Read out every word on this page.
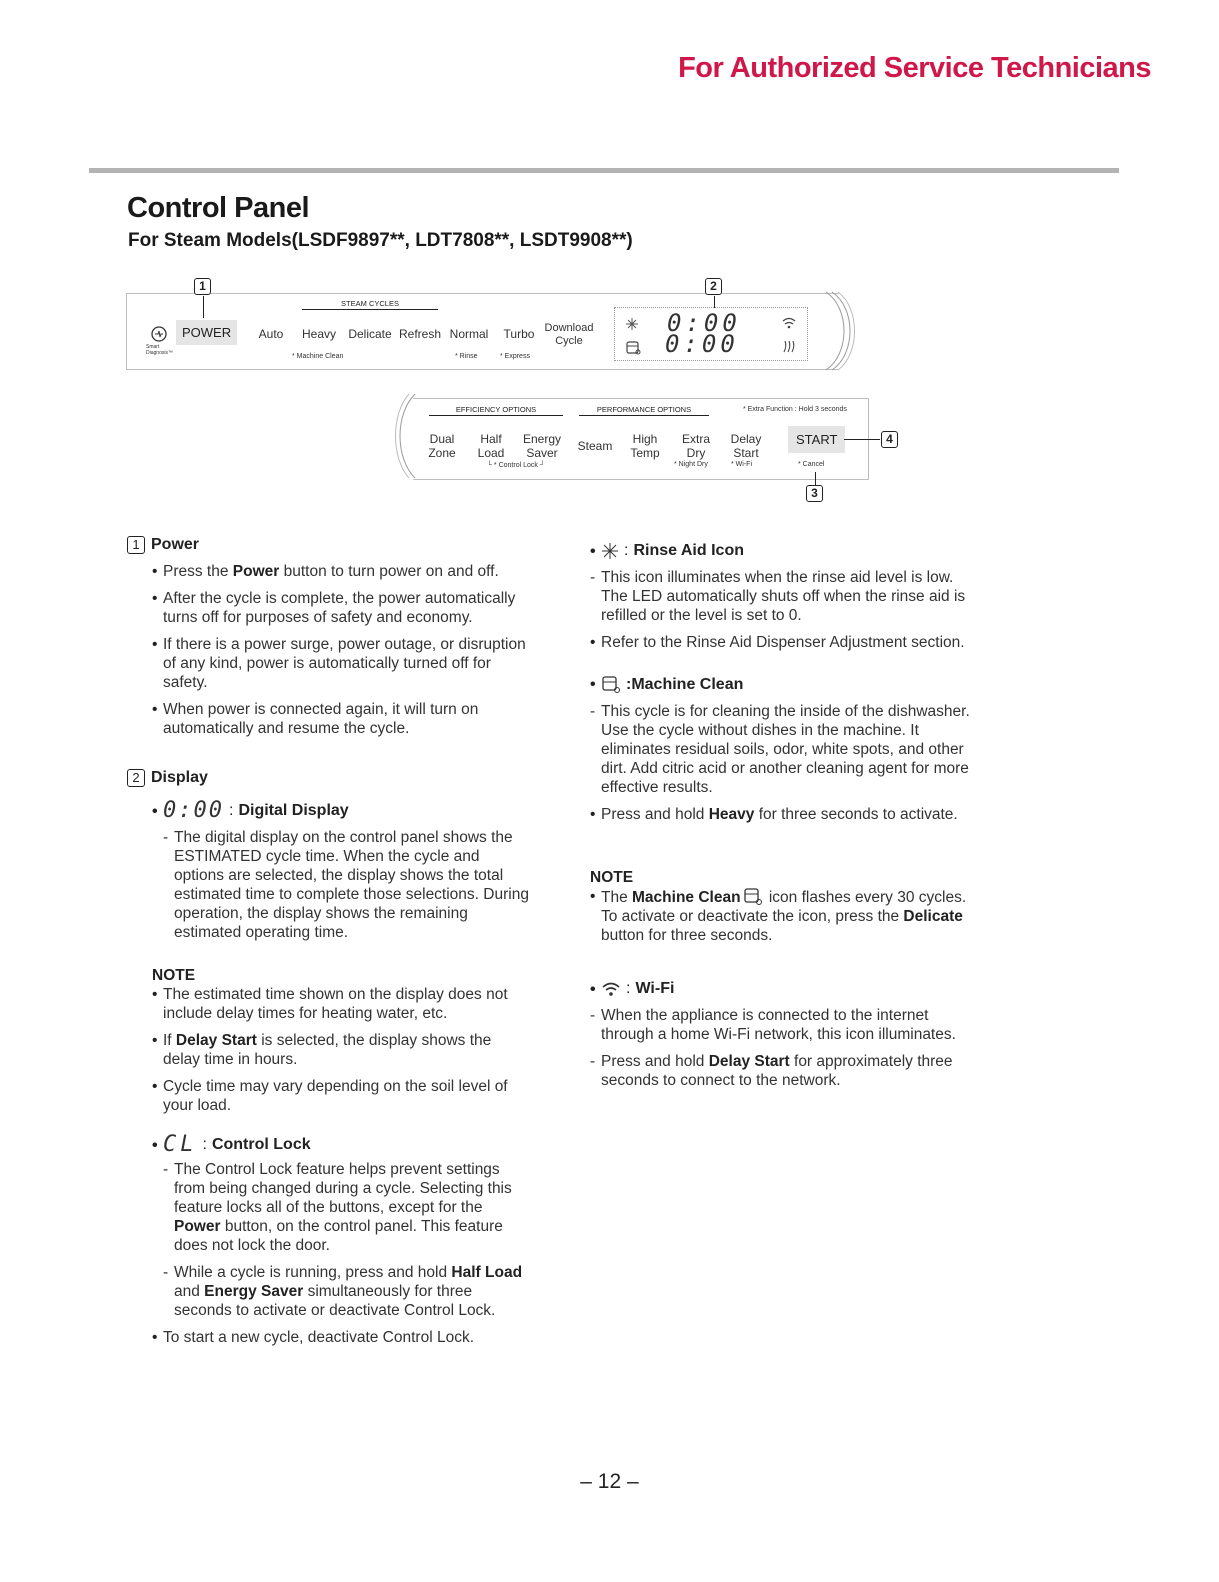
For Authorized Service Technicians
Control Panel
For Steam Models(LSDF9897**, LDT7808**, LSDT9908**)
1	2
Smart Diagnosis™
POWER
STEAM CYCLES
Auto	Heavy	Delicate Refresh Normal	Turbo Download
Cycle
* Machine Clean	* Rinse	* Express
0:00
0:00
EFFICIENCY OPTIONS	PERFORMANCE OPTIONS	* Extra Function : Hold 3 seconds
Dual
Zone
Half
Load
Energy
Saver
└ * Control Lock ┘
Steam	High
Temp
Extra
Dry
* Night Dry
Delay
Start
* Wi-Fi
START
* Cancel
4
3
1 Power
• Press the Power button to turn power on and off.
• After the cycle is complete, the power automatically turns off for purposes of safety and economy.
• If there is a power surge, power outage, or disruption of any kind, power is automatically turned off for safety.
• When power is connected again, it will turn on automatically and resume the cycle.
2 Display
• 0:00 : Digital Display
- The digital display on the control panel shows the ESTIMATED cycle time. When the cycle and options are selected, the display shows the total estimated time to complete those selections. During operation, the display shows the remaining estimated operating time.
NOTE
• The estimated time shown on the display does not include delay times for heating water, etc.
• If Delay Start is selected, the display shows the delay time in hours.
• Cycle time may vary depending on the soil level of your load.
• CL : Control Lock
- The Control Lock feature helps prevent settings from being changed during a cycle. Selecting this feature locks all of the buttons, except for the Power button, on the control panel. This feature does not lock the door.
- While a cycle is running, press and hold Half Load and Energy Saver simultaneously for three seconds to activate or deactivate Control Lock.
• To start a new cycle, deactivate Control Lock.
• : Rinse Aid Icon
- This icon illuminates when the rinse aid level is low. The LED automatically shuts off when the rinse aid is refilled or the level is set to 0.
• Refer to the Rinse Aid Dispenser Adjustment section.
• :Machine Clean
- This cycle is for cleaning the inside of the dishwasher. Use the cycle without dishes in the machine. It eliminates residual soils, odor, white spots, and other dirt. Add citric acid or another cleaning agent for more effective results.
• Press and hold Heavy for three seconds to activate.
NOTE
• The Machine Clean icon flashes every 30 cycles. To activate or deactivate the icon, press the Delicate button for three seconds.
• : Wi-Fi
- When the appliance is connected to the internet through a home Wi-Fi network, this icon illuminates.
- Press and hold Delay Start for approximately three seconds to connect to the network.
– 12 –
